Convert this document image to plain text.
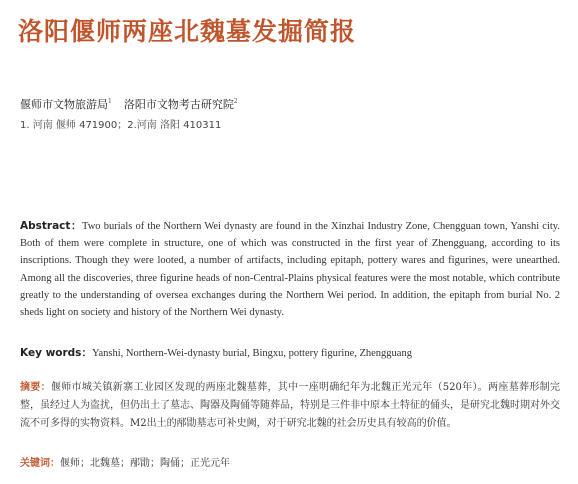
洛阳偃师两座北魏墓发掘简报
偃师市文物旅游局$^1$ 洛阳市文物考古研究院$^2$
1. 河南 偃师 471900；2.河南 洛阳 410311
Abstract：Two burials of the Northern Wei dynasty are found in the Xinzhai Industry Zone, Chengguan town, Yanshi city. Both of them were complete in structure, one of which was constructed in the first year of Zhengguang, according to its inscriptions. Though they were looted, a number of artifacts, including epitaph, pottery wares and figurines, were unearthed. Among all the discoveries, three figurine heads of non-Central-Plains physical features were the most notable, which contribute greatly to the understanding of oversea exchanges during the Northern Wei period. In addition, the epitaph from burial No. 2 sheds light on society and history of the Northern Wei dynasty.
Key words：Yanshi, Northern-Wei-dynasty burial, Bingxu, pottery figurine, Zhengguang
摘要：偃师市城关镇新寨工业园区发现的两座北魏墓葬，其中一座明确纪年为北魏正光元年（520年）。两座墓葬形制完整，虽经过人为盗扰，但仍出土了墓志、陶器及陶俑等随葬品，特别是三件非中原本土特征的俑头，是研究北魏时期对外交流不可多得的实物资料。M2出土的邴勖墓志可补史阙，对于研究北魏的社会历史具有较高的价值。
关键词：偃师；北魏墓；邴勖；陶俑；正光元年
